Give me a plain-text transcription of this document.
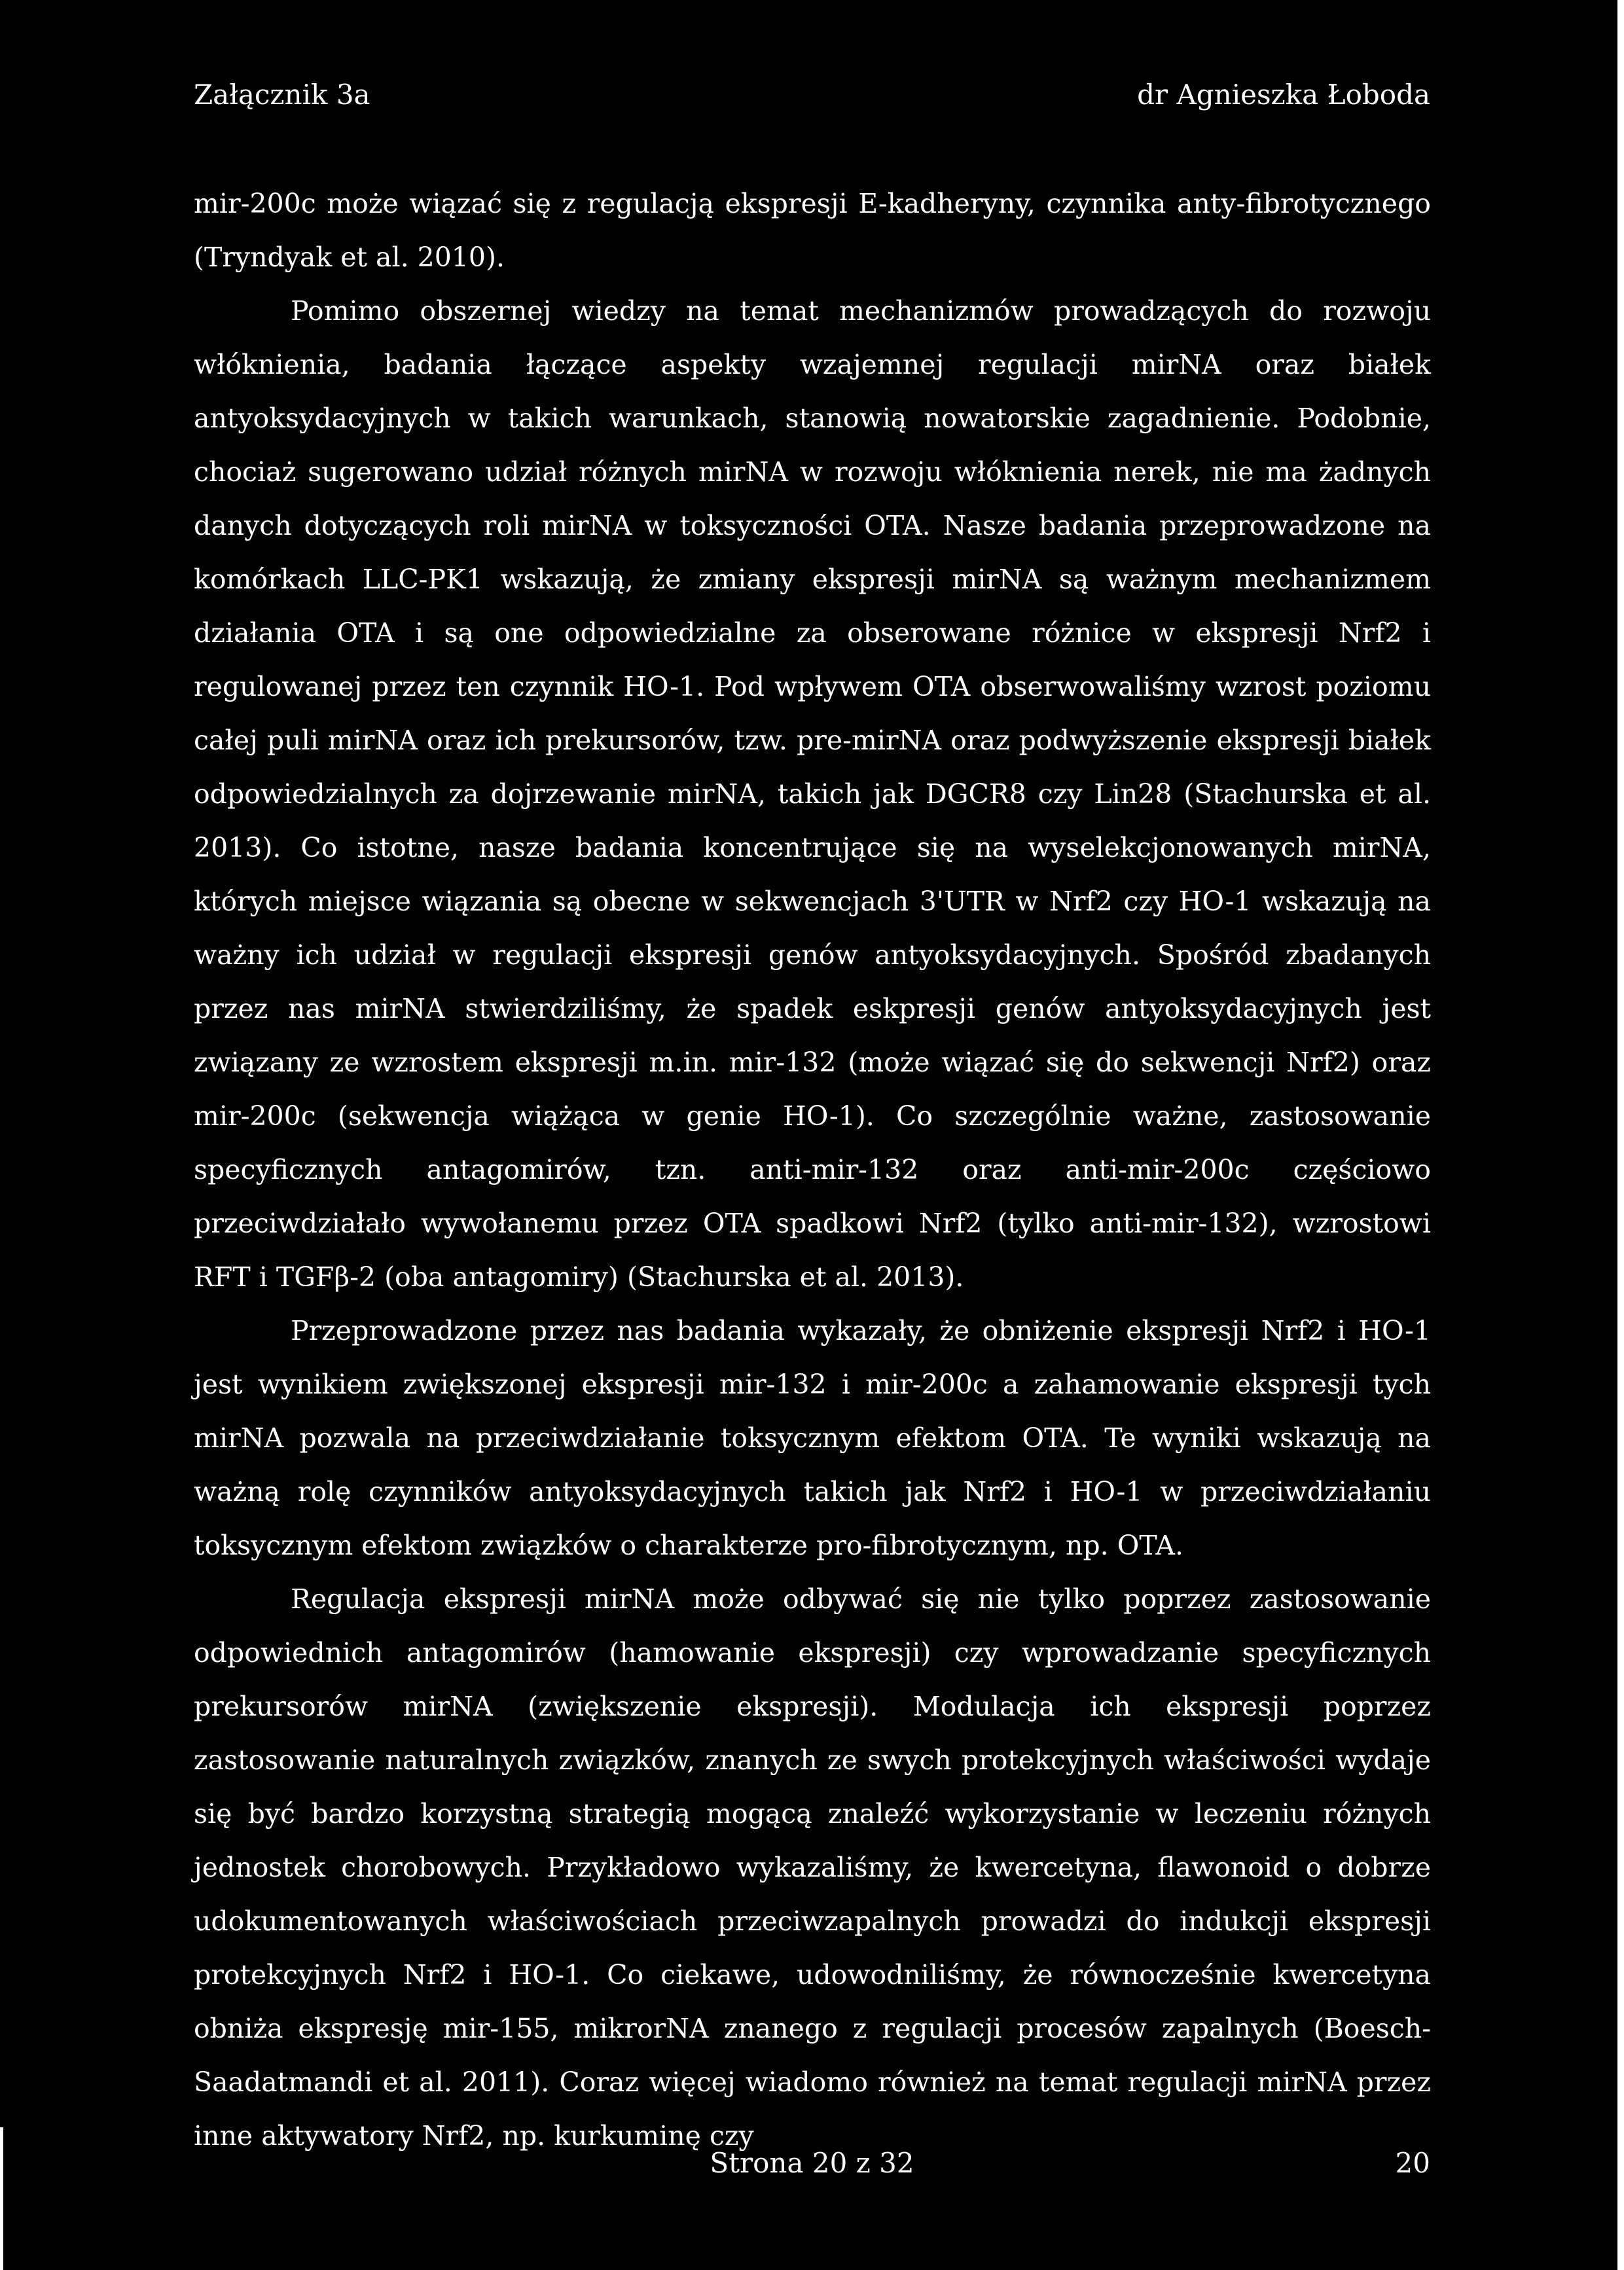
Załącznik 3a	dr Agnieszka Łoboda

mir-200c może wiązać się z regulacją ekspresji E-kadheryny, czynnika anty-fibrotycznego (Tryndyak et al. 2010).

Pomimo obszernej wiedzy na temat mechanizmów prowadzących do rozwoju włóknienia, badania łączące aspekty wzajemnej regulacji mirNA oraz białek antyoksydacyjnych w takich warunkach, stanowią nowatorskie zagadnienie. Podobnie, chociaż sugerowano udział różnych mirNA w rozwoju włóknienia nerek, nie ma żadnych danych dotyczących roli mirNA w toksyczności OTA. Nasze badania przeprowadzone na komórkach LLC-PK1 wskazują, że zmiany ekspresji mirNA są ważnym mechanizmem działania OTA i są one odpowiedzialne za obserowane różnice w ekspresji Nrf2 i regulowanej przez ten czynnik HO-1. Pod wpływem OTA obserwowaliśmy wzrost poziomu całej puli mirNA oraz ich prekursorów, tzw. pre-mirNA oraz podwyższenie ekspresji białek odpowiedzialnych za dojrzewanie mirNA, takich jak DGCR8 czy Lin28 (Stachurska et al. 2013). Co istotne, nasze badania koncentrujące się na wyselekcjonowanych mirNA, których miejsce wiązania są obecne w sekwencjach 3'UTR w Nrf2 czy HO-1 wskazują na ważny ich udział w regulacji ekspresji genów antyoksydacyjnych. Spośród zbadanych przez nas mirNA stwierdziliśmy, że spadek eskpresji genów antyoksydacyjnych jest związany ze wzrostem ekspresji m.in. mir-132 (może wiązać się do sekwencji Nrf2) oraz mir-200c (sekwencja wiążąca w genie HO-1). Co szczególnie ważne, zastosowanie specyficznych antagomirów, tzn. anti-mir-132 oraz anti-mir-200c częściowo przeciwdziałało wywołanemu przez OTA spadkowi Nrf2 (tylko anti-mir-132), wzrostowi RFT i TGFβ-2 (oba antagomiry) (Stachurska et al. 2013).

Przeprowadzone przez nas badania wykazały, że obniżenie ekspresji Nrf2 i HO-1 jest wynikiem zwiększonej ekspresji mir-132 i mir-200c a zahamowanie ekspresji tych mirNA pozwala na przeciwdziałanie toksycznym efektom OTA. Te wyniki wskazują na ważną rolę czynników antyoksydacyjnych takich jak Nrf2 i HO-1 w przeciwdziałaniu toksycznym efektom związków o charakterze pro-fibrotycznym, np. OTA.

Regulacja ekspresji mirNA może odbywać się nie tylko poprzez zastosowanie odpowiednich antagomirów (hamowanie ekspresji) czy wprowadzanie specyficznych prekursorów mirNA (zwiększenie ekspresji). Modulacja ich ekspresji poprzez zastosowanie naturalnych związków, znanych ze swych protekcyjnych właściwości wydaje się być bardzo korzystną strategią mogącą znaleźć wykorzystanie w leczeniu różnych jednostek chorobowych. Przykładowo wykazaliśmy, że kwercetyna, flawonoid o dobrze udokumentowanych właściwościach przeciwzapalnych prowadzi do indukcji ekspresji protekcyjnych Nrf2 i HO-1. Co ciekawe, udowodniliśmy, że równocześnie kwercetyna obniża ekspresję mir-155, mikrorNA znanego z regulacji procesów zapalnych (Boesch-Saadatmandi et al. 2011). Coraz więcej wiadomo również na temat regulacji mirNA przez inne aktywatory Nrf2, np. kurkuminę czy

Strona 20 z 32	20
